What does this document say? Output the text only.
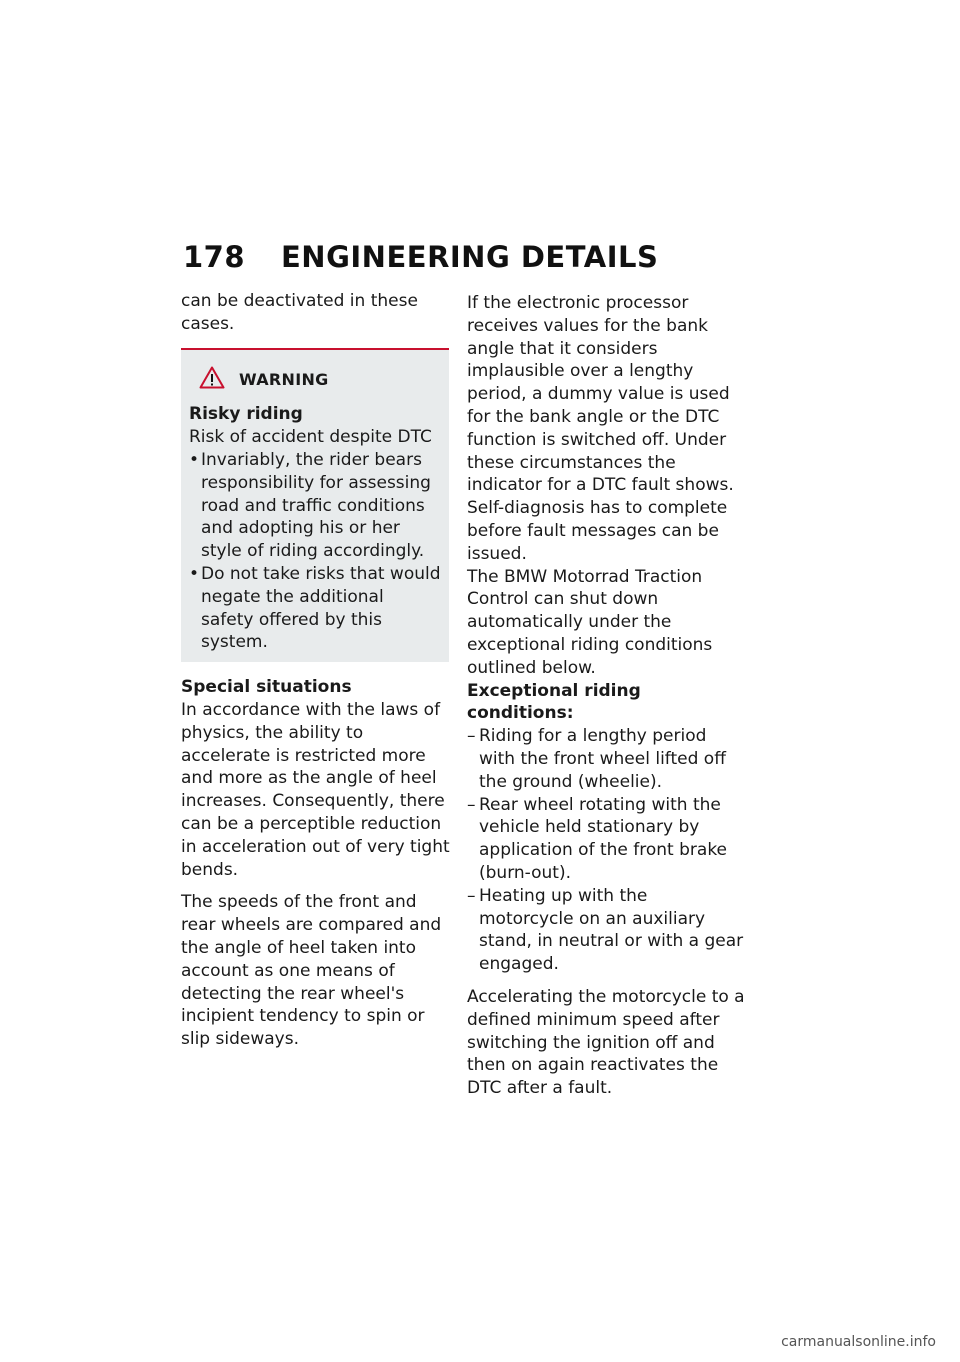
178 ENGINEERING DETAILS

can be deactivated in these cases.

WARNING

Risky riding

Risk of accident despite DTC

• Invariably, the rider bears responsibility for assessing road and traffic conditions and adopting his or her style of riding accordingly.
• Do not take risks that would negate the additional safety offered by this system.

Special situations

In accordance with the laws of physics, the ability to accelerate is restricted more and more as the angle of heel increases. Consequently, there can be a perceptible reduction in acceleration out of very tight bends.

The speeds of the front and rear wheels are compared and the angle of heel taken into account as one means of detecting the rear wheel's incipient tendency to spin or slip sideways.

If the electronic processor receives values for the bank angle that it considers implausible over a lengthy period, a dummy value is used for the bank angle or the DTC function is switched off. Under these circumstances the indicator for a DTC fault shows. Self-diagnosis has to complete before fault messages can be issued.

The BMW Motorrad Traction Control can shut down automatically under the exceptional riding conditions outlined below.

Exceptional riding conditions:

– Riding for a lengthy period with the front wheel lifted off the ground (wheelie).
– Rear wheel rotating with the vehicle held stationary by application of the front brake (burn-out).
– Heating up with the motorcycle on an auxiliary stand, in neutral or with a gear engaged.

Accelerating the motorcycle to a defined minimum speed after switching the ignition off and then on again reactivates the DTC after a fault.

carmanualsonline.info
